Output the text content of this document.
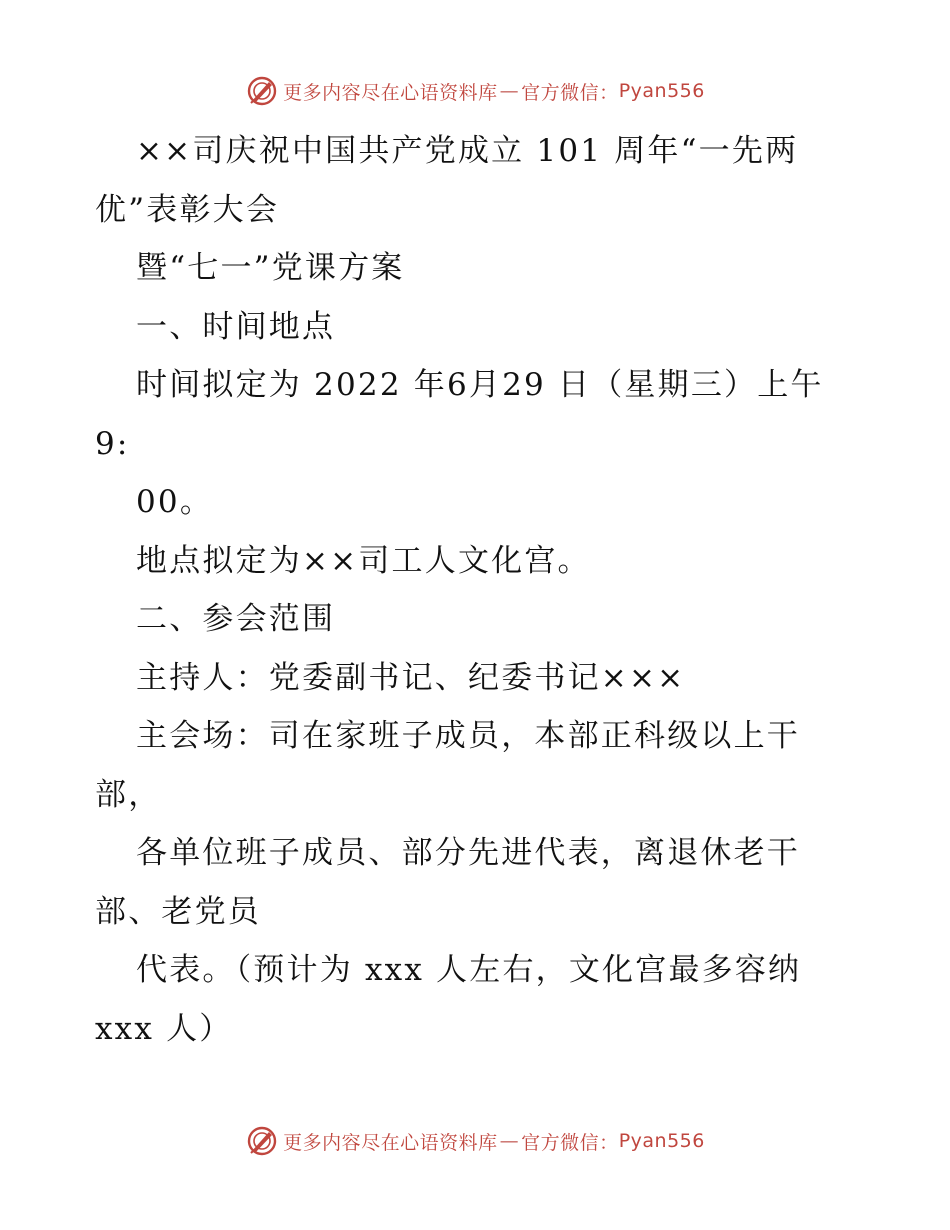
更多内容尽在心语资料库 — 官方微信： Pyan556
××司庆祝中国共产党成立 101 周年“一先两
优”表彰大会
暨“七一”党课方案
一、时间地点
时间拟定为 2022 年6月29 日（星期三）上午
9:
00。
地点拟定为××司工人文化宫。
二、参会范围
主持人：党委副书记、纪委书记×××
主会场：司在家班子成员，本部正科级以上干
部，
各单位班子成员、部分先进代表，离退休老干
部、老党员
代表。（预计为 xxx 人左右，文化宫最多容纳
xxx 人）
更多内容尽在心语资料库 — 官方微信： Pyan556
